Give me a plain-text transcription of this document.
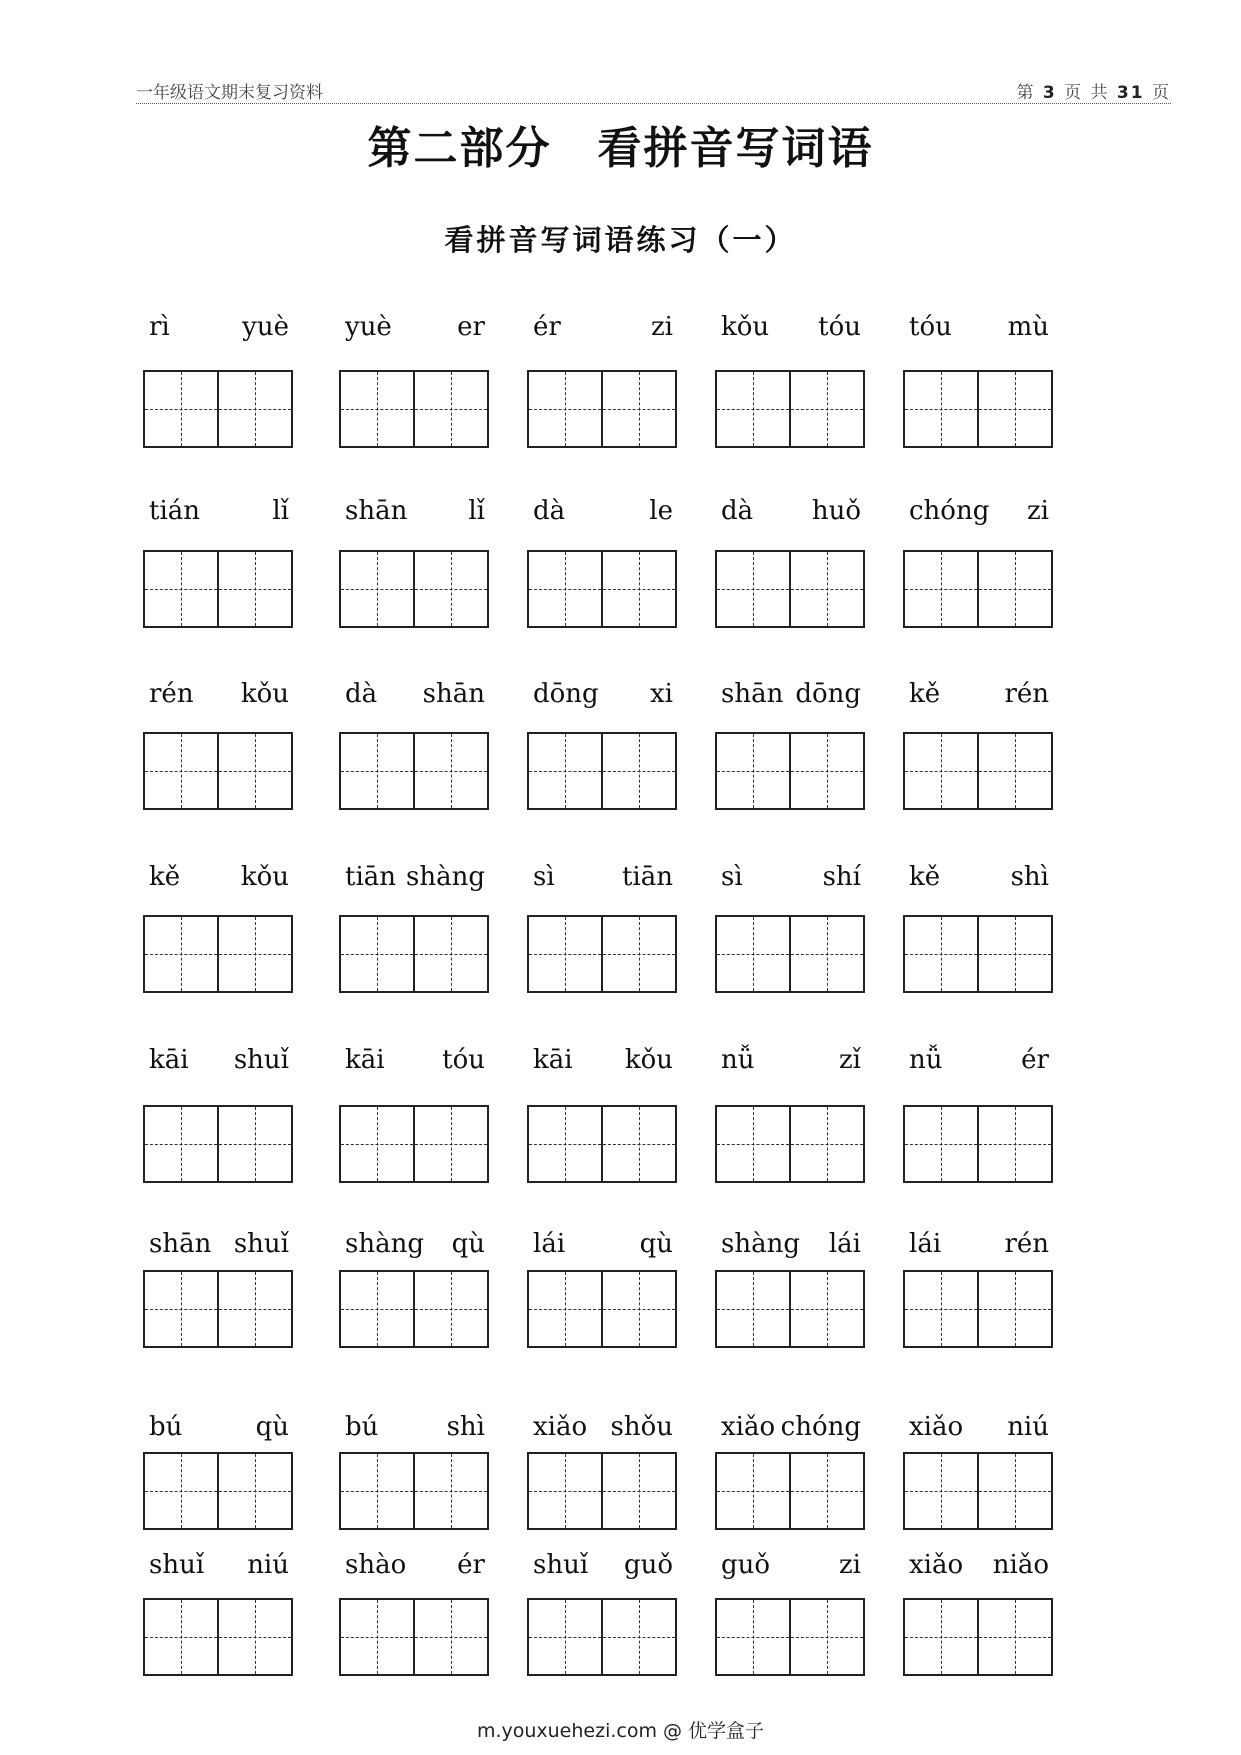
一年级语文期末复习资料	第 3 页 共 31 页
第二部分　看拼音写词语
看拼音写词语练习（一）
rì	yuè yuè	er ér	zi kǒu tóu tóu mù
tián	lǐ shān lǐ dà	le dà huǒ chóng zi
rén kǒu dà shān dōng xi shān dōng kě rén
kě kǒu tiān shàng sì	tiān sì	shí kě	shì
kāi shuǐ kāi tóu kāi kǒu nǚ	zǐ nǚ	ér
shān shuǐ shàng qù lái	qù shàng lái lái rén
bú	qù bú	shì xiǎo shǒu xiǎo chóng xiǎo niú
shuǐ niú shào ér shuǐ guǒ guǒ	zi xiǎo niǎo
m.youxuehezi.com @ 优学盒子
